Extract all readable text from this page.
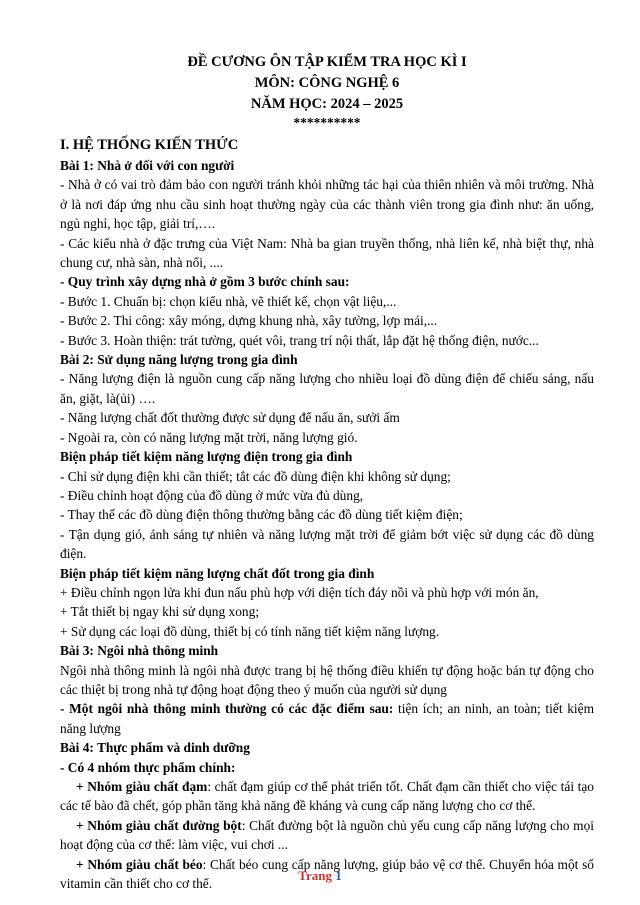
ĐỀ CƯƠNG ÔN TẬP KIỂM TRA HỌC KÌ I
MÔN: CÔNG NGHỆ 6
NĂM HỌC: 2024 – 2025
**********
I. HỆ THỐNG KIẾN THỨC
Bài 1: Nhà ở đối với con người
- Nhà ở có vai trò đảm bảo con người tránh khỏi những tác hại của thiên nhiên và môi trường. Nhà ở là nơi đáp ứng nhu cầu sinh hoạt thường ngày của các thành viên trong gia đình như: ăn uống, ngủ nghỉ, học tập, giải trí,….
- Các kiểu nhà ở đặc trưng của Việt Nam: Nhà ba gian truyền thống, nhà liên kế, nhà biệt thự, nhà chung cư, nhà sàn, nhà nổi, ....
- Quy trình xây dựng nhà ở gồm 3 bước chính sau:
- Bước 1. Chuẩn bị: chọn kiểu nhà, vẽ thiết kế, chọn vật liệu,...
- Bước 2. Thi công: xây móng, dựng khung nhà, xây tường, lợp mái,...
- Bước 3. Hoàn thiện: trát tường, quét vôi, trang trí nội thất, lắp đặt hệ thống điện, nước...
Bài 2: Sử dụng năng lượng trong gia đình
- Năng lượng điện là nguồn cung cấp năng lượng cho nhiều loại đồ dùng điện để chiếu sáng, nấu ăn, giặt, là(ủi) ….
- Năng lượng chất đốt thường được sử dụng để nấu ăn, sưởi ấm
- Ngoài ra, còn có năng lượng mặt trời, năng lượng gió.
Biện pháp tiết kiệm năng lượng điện trong gia đình
- Chỉ sử dụng điện khi cần thiết; tắt các đồ dùng điện khi không sử dụng;
- Điều chỉnh hoạt động của đồ dùng ở mức vừa đủ dùng,
- Thay thế các đồ dùng điện thông thường bằng các đồ dùng tiết kiệm điện;
- Tận dụng gió, ánh sáng tự nhiên và năng lượng mặt trời để giảm bớt việc sử dụng các đồ dùng điện.
Biện pháp tiết kiệm năng lượng chất đốt trong gia đình
+ Điều chỉnh ngọn lửa khi đun nấu phù hợp với diện tích đáy nồi và phù hợp với món ăn,
+ Tắt thiết bị ngay khi sử dụng xong;
+ Sử dụng các loại đồ dùng, thiết bị có tính năng tiết kiệm năng lượng.
Bài 3: Ngôi nhà thông minh
Ngôi nhà thông minh là ngôi nhà được trang bị hệ thống điều khiển tự động hoặc bán tự động cho các thiệt bị trong nhà tự động hoạt động theo ý muốn của người sử dụng
- Một ngôi nhà thông minh thường có các đặc điểm sau: tiện ích; an ninh, an toàn; tiết kiệm năng lượng
Bài 4: Thực phẩm và dinh dưỡng
- Có 4 nhóm thực phẩm chính:
+ Nhóm giàu chất đạm: chất đạm giúp cơ thể phát triển tốt. Chất đạm cần thiết cho việc tái tạo các tế bào đã chết, góp phần tăng khả năng đề kháng và cung cấp năng lượng cho cơ thể.
+ Nhóm giàu chất đường bột: Chất đường bột là nguồn chủ yếu cung cấp năng lượng cho mọi hoạt động của cơ thể: làm việc, vui chơi ...
+ Nhóm giàu chất béo: Chất béo cung cấp năng lượng, giúp bảo vệ cơ thể. Chuyển hóa một số vitamin cần thiết cho cơ thể.
Trang 1
